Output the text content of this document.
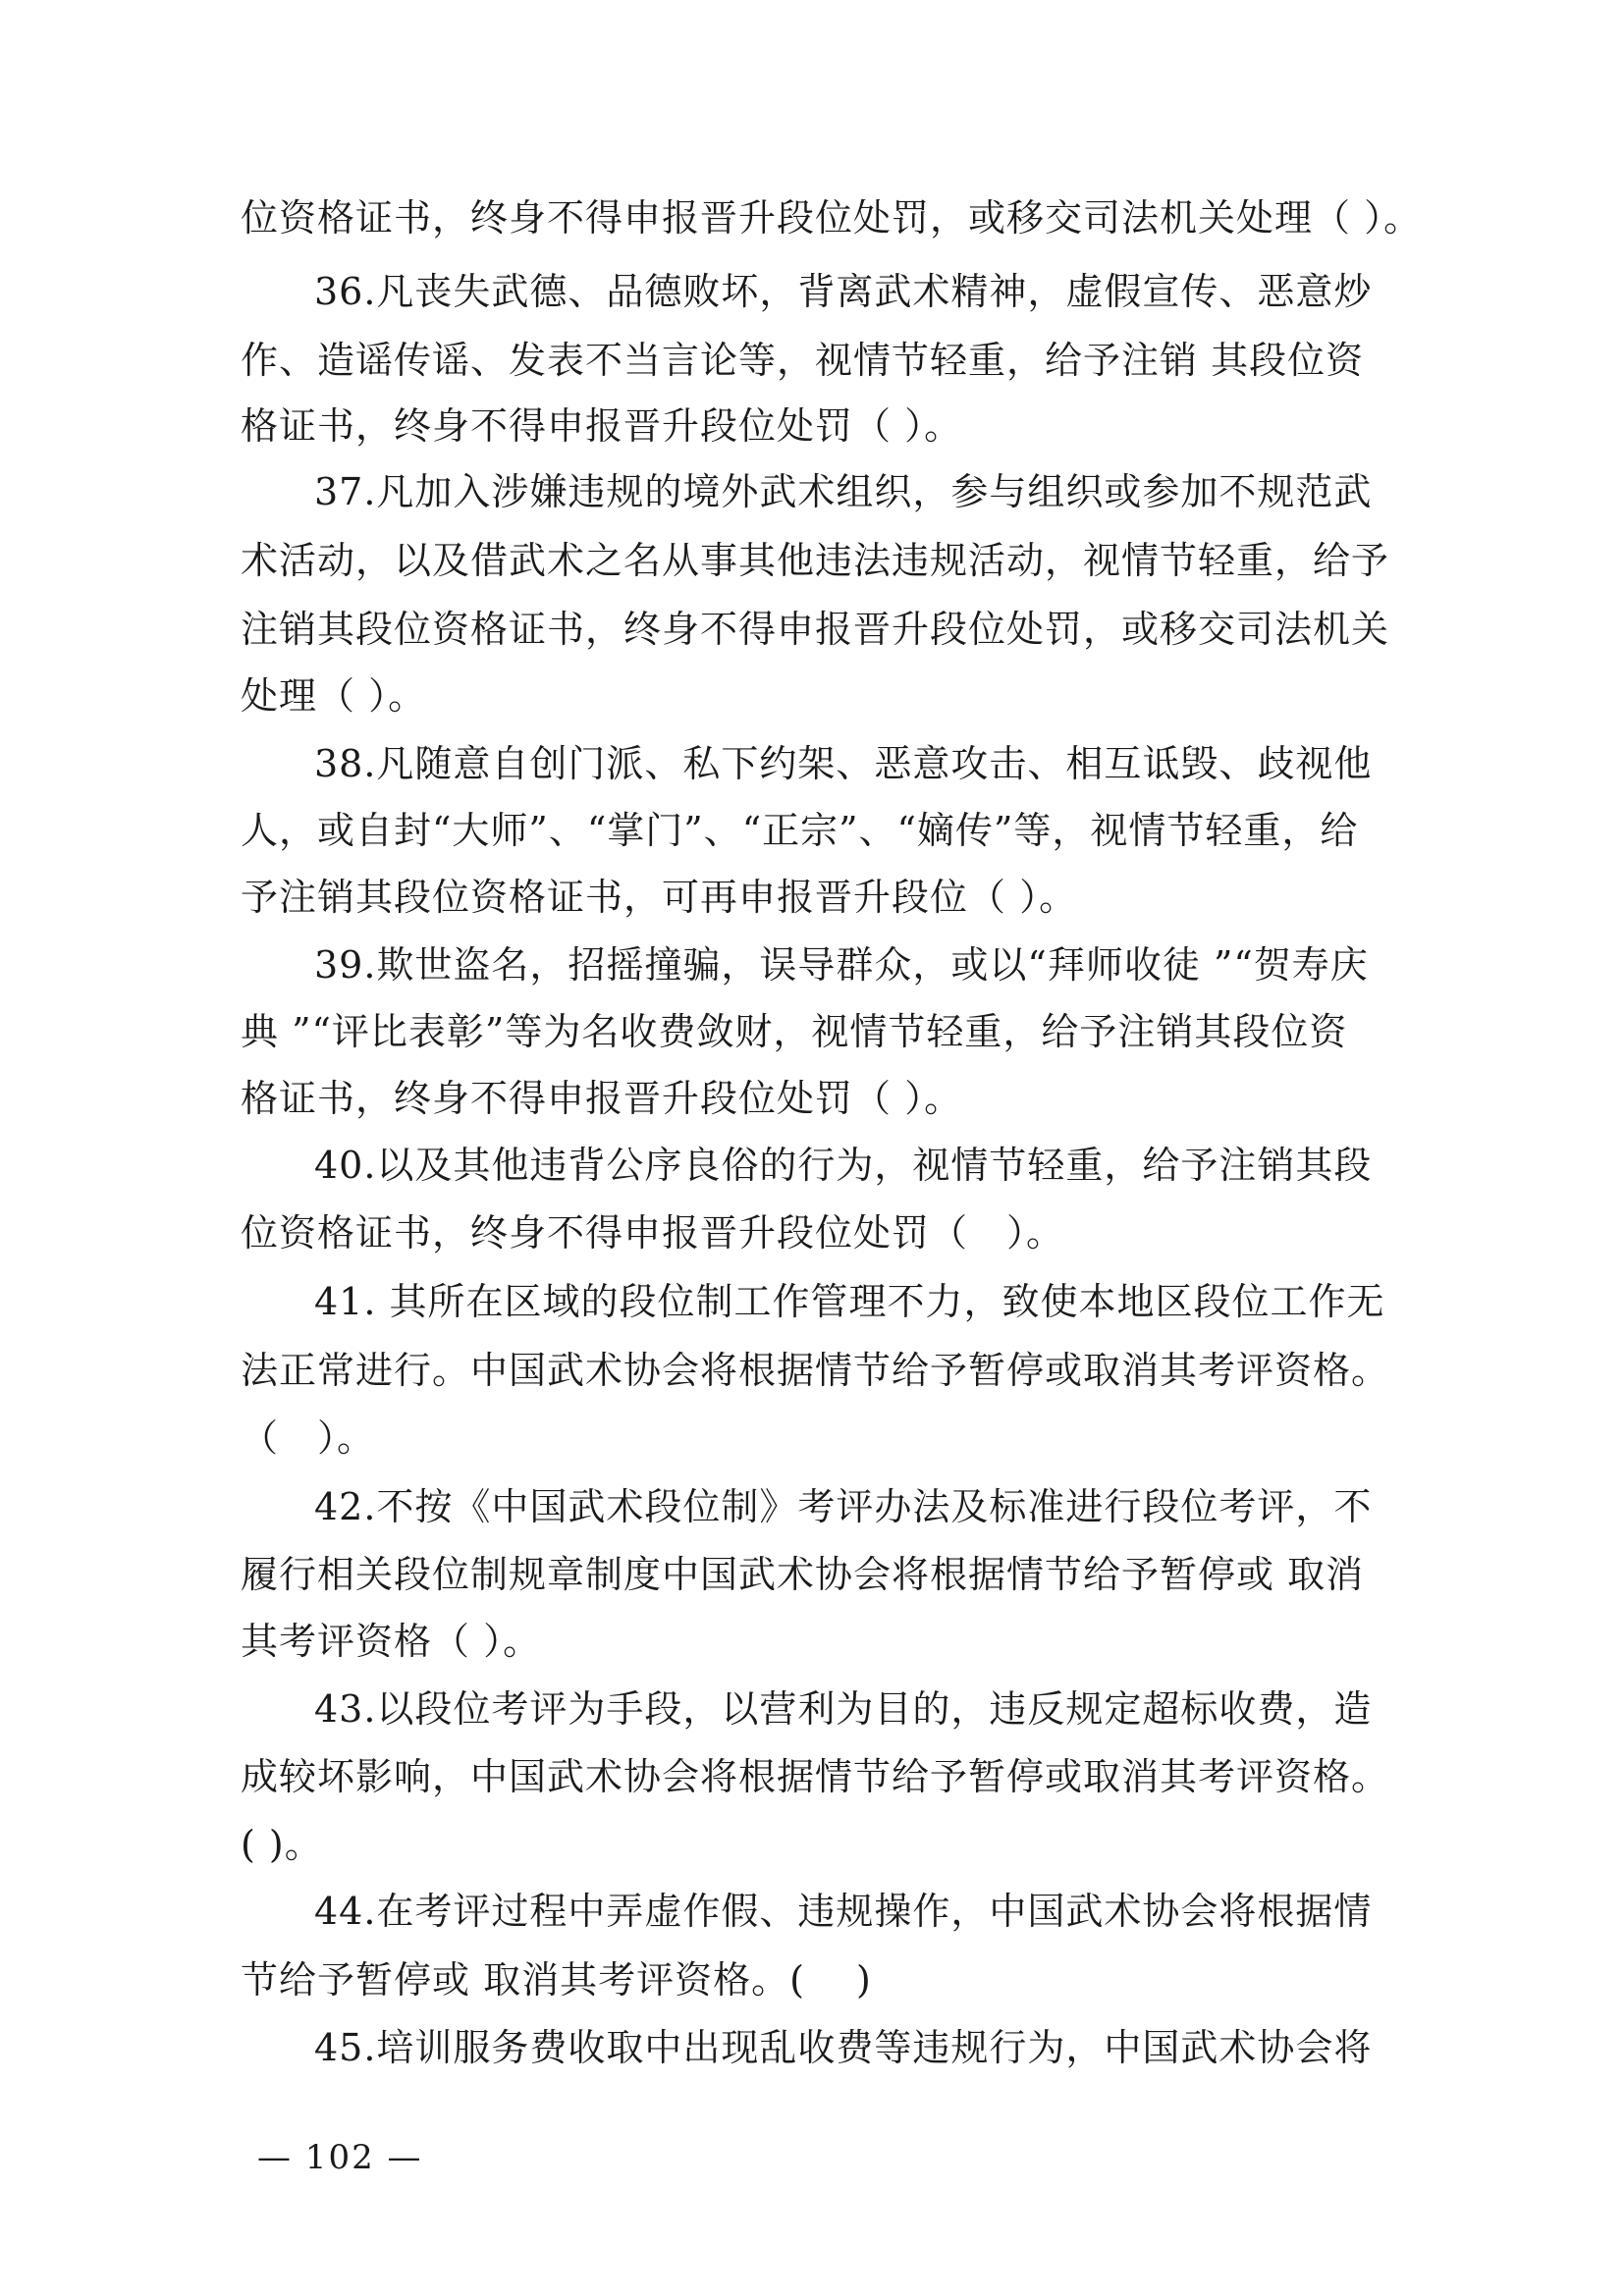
位资格证书，终身不得申报晋升段位处罚，或移交司法机关处理（ ）。
36.凡丧失武德、品德败坏，背离武术精神，虚假宣传、恶意炒
作、造谣传谣、发表不当言论等，视情节轻重，给予注销 其段位资
格证书，终身不得申报晋升段位处罚（ ）。
37.凡加入涉嫌违规的境外武术组织，参与组织或参加不规范武
术活动，以及借武术之名从事其他违法违规活动，视情节轻重，给予
注销其段位资格证书，终身不得申报晋升段位处罚，或移交司法机关
处理（ ）。
38.凡随意自创门派、私下约架、恶意攻击、相互诋毁、歧视他
人，或自封“大师”、“掌门”、“正宗”、“嫡传”等，视情节轻重，给
予注销其段位资格证书，可再申报晋升段位（ ）。
39.欺世盗名，招摇撞骗，误导群众，或以“拜师收徒 ”“贺寿庆
典 ”“评比表彰”等为名收费敛财，视情节轻重，给予注销其段位资
格证书，终身不得申报晋升段位处罚（ ）。
40.以及其他违背公序良俗的行为，视情节轻重，给予注销其段
位资格证书，终身不得申报晋升段位处罚（　）。
41. 其所在区域的段位制工作管理不力，致使本地区段位工作无
法正常进行。中国武术协会将根据情节给予暂停或取消其考评资格。
（　）。
42.不按《中国武术段位制》考评办法及标准进行段位考评，不
履行相关段位制规章制度中国武术协会将根据情节给予暂停或 取消
其考评资格（ ）。
43.以段位考评为手段，以营利为目的，违反规定超标收费，造
成较坏影响，中国武术协会将根据情节给予暂停或取消其考评资格。
( )。
44.在考评过程中弄虚作假、违规操作，中国武术协会将根据情
节给予暂停或 取消其考评资格。(　 )
45.培训服务费收取中出现乱收费等违规行为，中国武术协会将
— 102 —
